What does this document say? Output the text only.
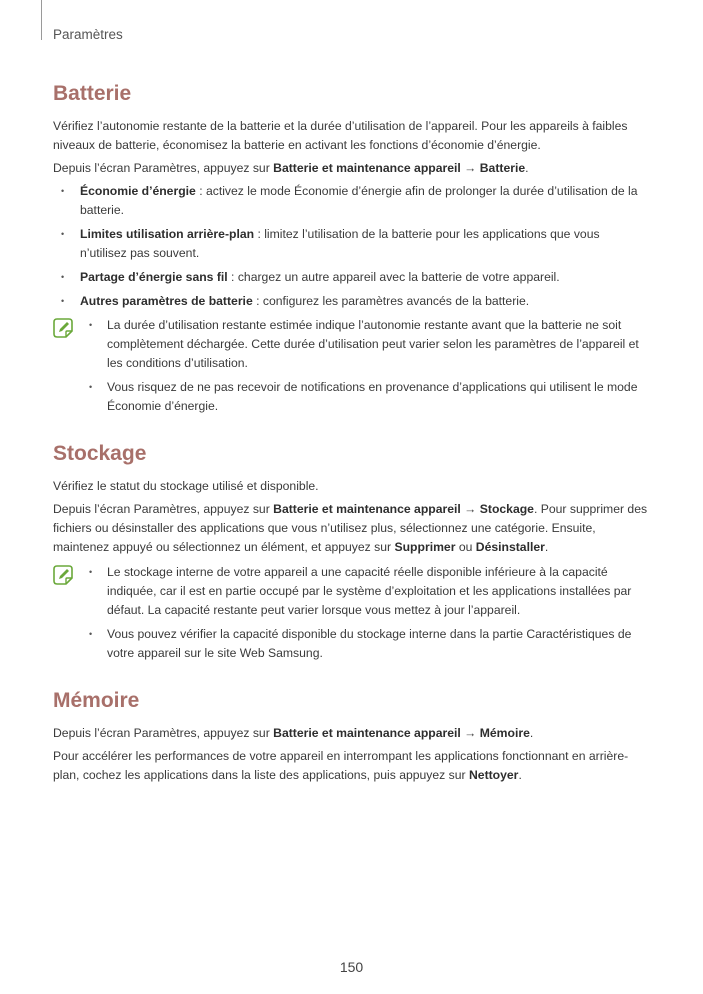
Paramètres
Batterie

Vérifiez l’autonomie restante de la batterie et la durée d’utilisation de l’appareil. Pour les appareils à faibles niveaux de batterie, économisez la batterie en activant les fonctions d’économie d’énergie.

Depuis l’écran Paramètres, appuyez sur Batterie et maintenance appareil → Batterie.

• Économie d’énergie : activez le mode Économie d’énergie afin de prolonger la durée d’utilisation de la batterie.
• Limites utilisation arrière-plan : limitez l’utilisation de la batterie pour les applications que vous n’utilisez pas souvent.
• Partage d’énergie sans fil : chargez un autre appareil avec la batterie de votre appareil.
• Autres paramètres de batterie : configurez les paramètres avancés de la batterie.
• La durée d’utilisation restante estimée indique l’autonomie restante avant que la batterie ne soit complètement déchargée. Cette durée d’utilisation peut varier selon les paramètres de l’appareil et les conditions d’utilisation.
• Vous risquez de ne pas recevoir de notifications en provenance d’applications qui utilisent le mode Économie d’énergie.
Stockage

Vérifiez le statut du stockage utilisé et disponible.

Depuis l’écran Paramètres, appuyez sur Batterie et maintenance appareil → Stockage. Pour supprimer des fichiers ou désinstaller des applications que vous n’utilisez plus, sélectionnez une catégorie. Ensuite, maintenez appuyé ou sélectionnez un élément, et appuyez sur Supprimer ou Désinstaller.

• Le stockage interne de votre appareil a une capacité réelle disponible inférieure à la capacité indiquée, car il est en partie occupé par le système d’exploitation et les applications installées par défaut. La capacité restante peut varier lorsque vous mettez à jour l’appareil.
• Vous pouvez vérifier la capacité disponible du stockage interne dans la partie Caractéristiques de votre appareil sur le site Web Samsung.
Mémoire

Depuis l’écran Paramètres, appuyez sur Batterie et maintenance appareil → Mémoire.

Pour accélérer les performances de votre appareil en interrompant les applications fonctionnant en arrière-plan, cochez les applications dans la liste des applications, puis appuyez sur Nettoyer.

150
